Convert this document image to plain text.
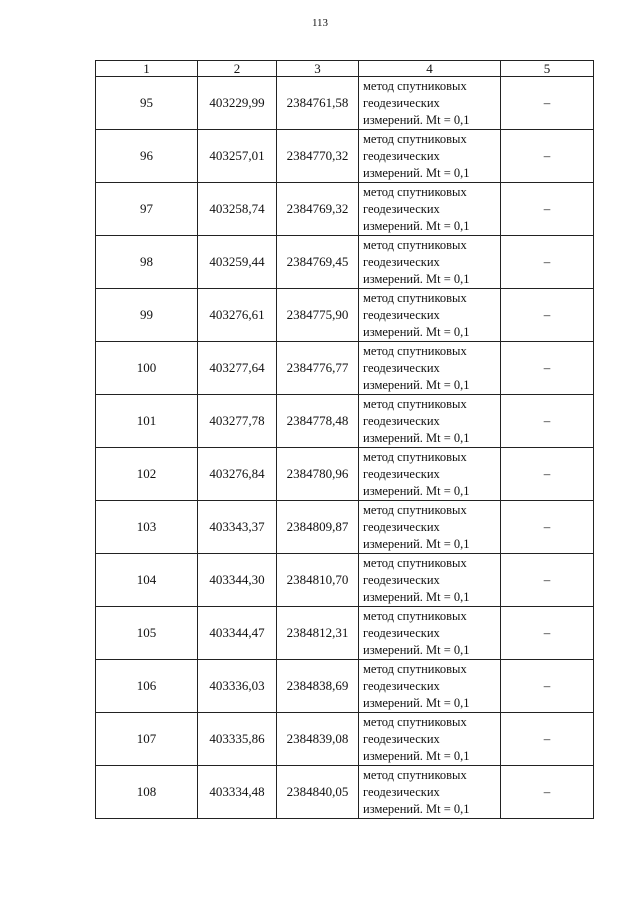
113
1	2	3	4	5
95	403229,99	2384761,58	метод спутниковых
геодезических
измерений. Mt = 0,1	–
96	403257,01	2384770,32	метод спутниковых
геодезических
измерений. Mt = 0,1	–
97	403258,74	2384769,32	метод спутниковых
геодезических
измерений. Mt = 0,1	–
98	403259,44	2384769,45	метод спутниковых
геодезических
измерений. Mt = 0,1	–
99	403276,61	2384775,90	метод спутниковых
геодезических
измерений. Mt = 0,1	–
100	403277,64	2384776,77	метод спутниковых
геодезических
измерений. Mt = 0,1	–
101	403277,78	2384778,48	метод спутниковых
геодезических
измерений. Mt = 0,1	–
102	403276,84	2384780,96	метод спутниковых
геодезических
измерений. Mt = 0,1	–
103	403343,37	2384809,87	метод спутниковых
геодезических
измерений. Mt = 0,1	–
104	403344,30	2384810,70	метод спутниковых
геодезических
измерений. Mt = 0,1	–
105	403344,47	2384812,31	метод спутниковых
геодезических
измерений. Mt = 0,1	–
106	403336,03	2384838,69	метод спутниковых
геодезических
измерений. Mt = 0,1	–
107	403335,86	2384839,08	метод спутниковых
геодезических
измерений. Mt = 0,1	–
108	403334,48	2384840,05	метод спутниковых
геодезических
измерений. Mt = 0,1	–
